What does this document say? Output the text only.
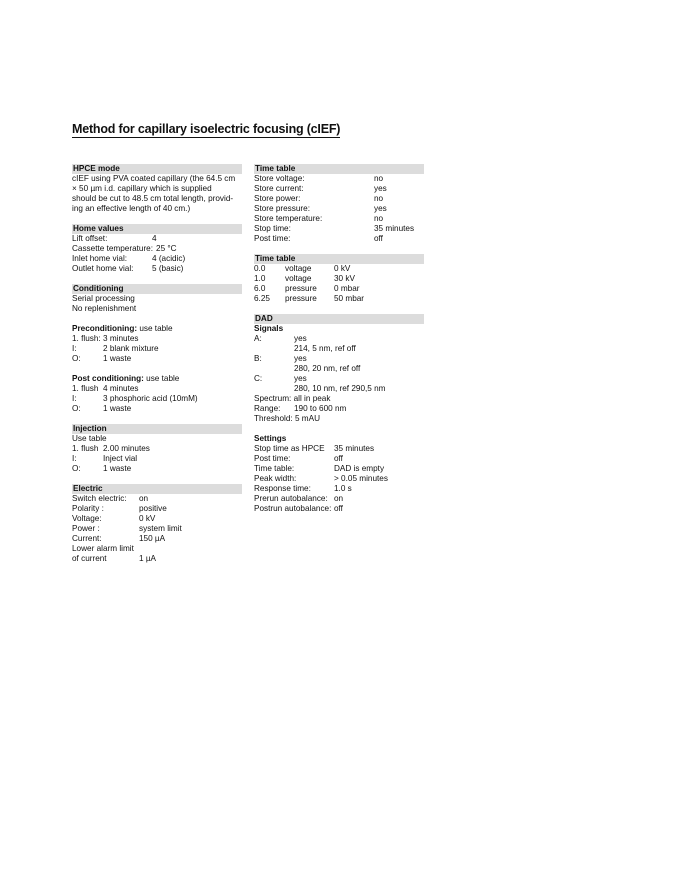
Method for capillary isoelectric focusing (cIEF)
HPCE mode
cIEF using PVA coated capillary (the 64.5 cm
× 50 µm i.d. capillary which is supplied
should be cut to 48.5 cm total length, provid-
ing an effective length of 40 cm.)
Home values
Lift offset:	4
Cassette temperature: 25 °C
Inlet home vial:	4 (acidic)
Outlet home vial:	5 (basic)
Conditioning
Serial processing
No replenishment
Preconditioning: use table
1. flush: 3 minutes
I:	2 blank mixture
O:	1 waste
Post conditioning: use table
1. flush 4 minutes
I:	3 phosphoric acid (10mM)
O:	1 waste
Injection
Use table
1. flush 2.00 minutes
I:	Inject vial
O:	1 waste
Electric
Switch electric:	on
Polarity :	positive
Voltage:	0 kV
Power :	system limit
Current:	150 µA
Lower alarm limit
of current	1 µA
Time table
Store voltage:	no
Store current:	yes
Store power:	no
Store pressure:	yes
Store temperature:	no
Stop time:	35 minutes
Post time:	off
Time table
0.0	voltage	0 kV
1.0	voltage	30 kV
6.0	pressure	0 mbar
6.25	pressure	50 mbar
DAD
Signals
A:	yes
214, 5 nm, ref off
B:	yes
280, 20 nm, ref off
C:	yes
280, 10 nm, ref 290,5 nm
Spectrum: all in peak
Range:	190 to 600 nm
Threshold: 5 mAU
Settings
Stop time as HPCE	35 minutes
Post time:	off
Time table:	DAD is empty
Peak width:	> 0.05 minutes
Response time:	1.0 s
Prerun autobalance: on
Postrun autobalance: off
